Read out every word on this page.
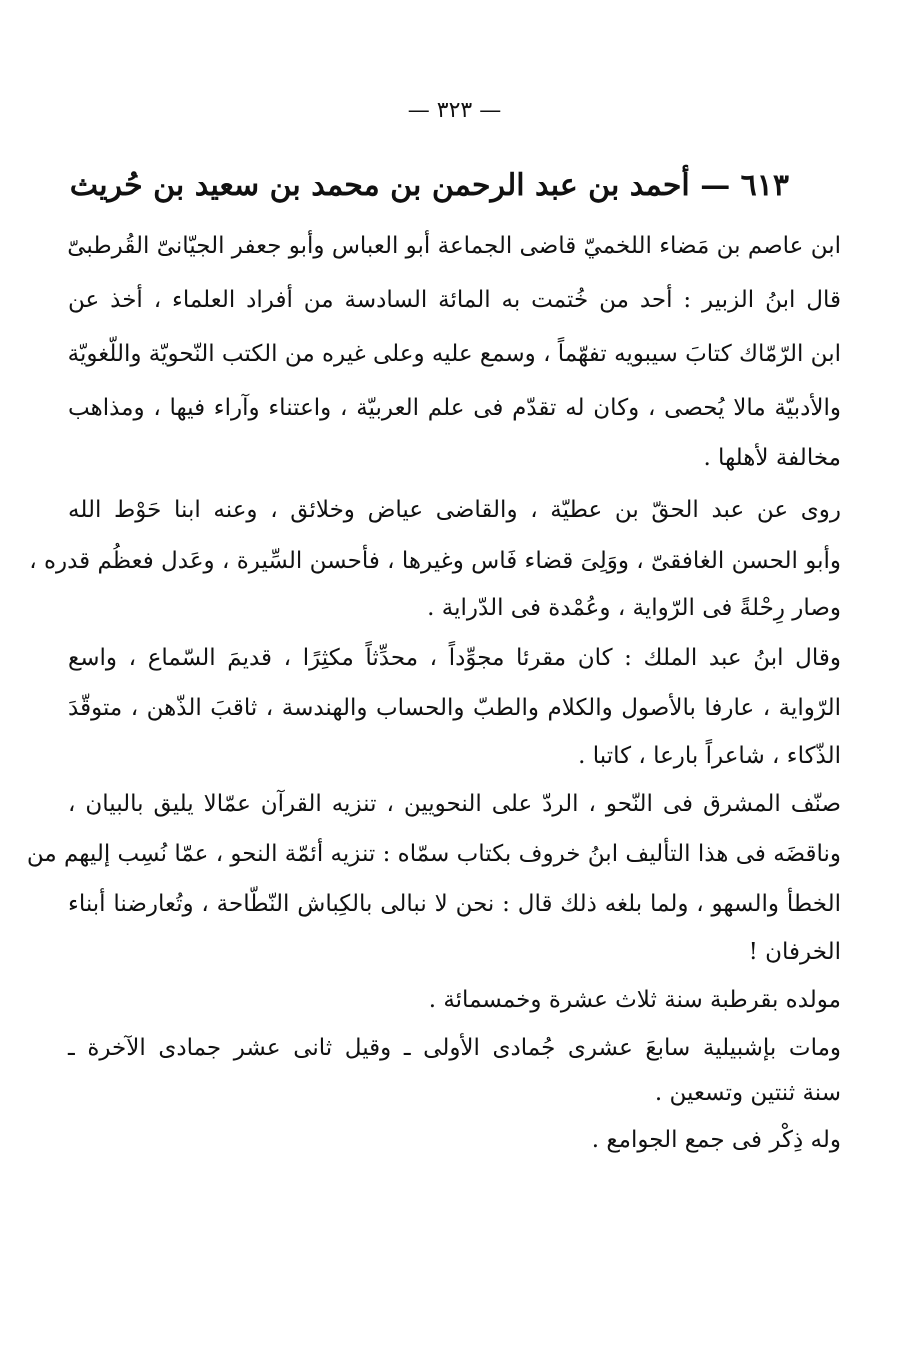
— ٣٢٣ —
٦١٣ — أحمد بن عبد الرحمن بن محمد بن سعيد بن حُريث
ابن عاصم بن مَضاء اللخميّ قاضى الجماعة أبو العباس وأبو جعفر الجيّانىّ القُرطبىّ
قال ابنُ الزبير : أحد من خُتمت به المائة السادسة من أفراد العلماء ، أخذ عن
ابن الرّمّاك كتابَ سيبويه تفهّماً ، وسمع عليه وعلى غيره من الكتب النّحويّة واللّغويّة
والأدبيّة مالا يُحصى ، وكان له تقدّم فى علم العربيّة ، واعتناء وآراء فيها ، ومذاهب
مخالفة لأهلها .
روى عن عبد الحقّ بن عطيّة ، والقاضى عياض وخلائق ، وعنه ابنا حَوْط الله
وأبو الحسن الغافقىّ ، ووَلِىَ قضاء فَاس وغيرها ، فأحسن السِّيرة ، وعَدل فعظُم قدره ،
وصار رِحْلةً فى الرّواية ، وعُمْدة فى الدّراية .
وقال ابنُ عبد الملك : كان مقرئا مجوِّداً ، محدِّثاً مكثِرًا ، قديمَ السّماع ، واسع
الرّواية ، عارفا بالأصول والكلام والطبّ والحساب والهندسة ، ثاقبَ الذّهن ، متوقّدَ
الذّكاء ، شاعراً بارعا ، كاتبا .
صنّف المشرق فى النّحو ، الردّ على النحويين ، تنزيه القرآن عمّالا يليق بالبيان ،
وناقضَه فى هذا التأليف ابنُ خروف بكتاب سمّاه : تنزيه أئمّة النحو ، عمّا نُسِب إليهم من
الخطأ والسهو ، ولما بلغه ذلك قال : نحن لا نبالى بالكِباش النّطّاحة ، وتُعارضنا أبناء
الخرفان !
مولده بقرطبة سنة ثلاث عشرة وخمسمائة .
ومات بإشبيلية سابعَ عشرى جُمادى الأولى ـ وقيل ثانى عشر جمادى الآخرة ـ
سنة ثنتين وتسعين .
وله ذِكْر فى جمع الجوامع .
